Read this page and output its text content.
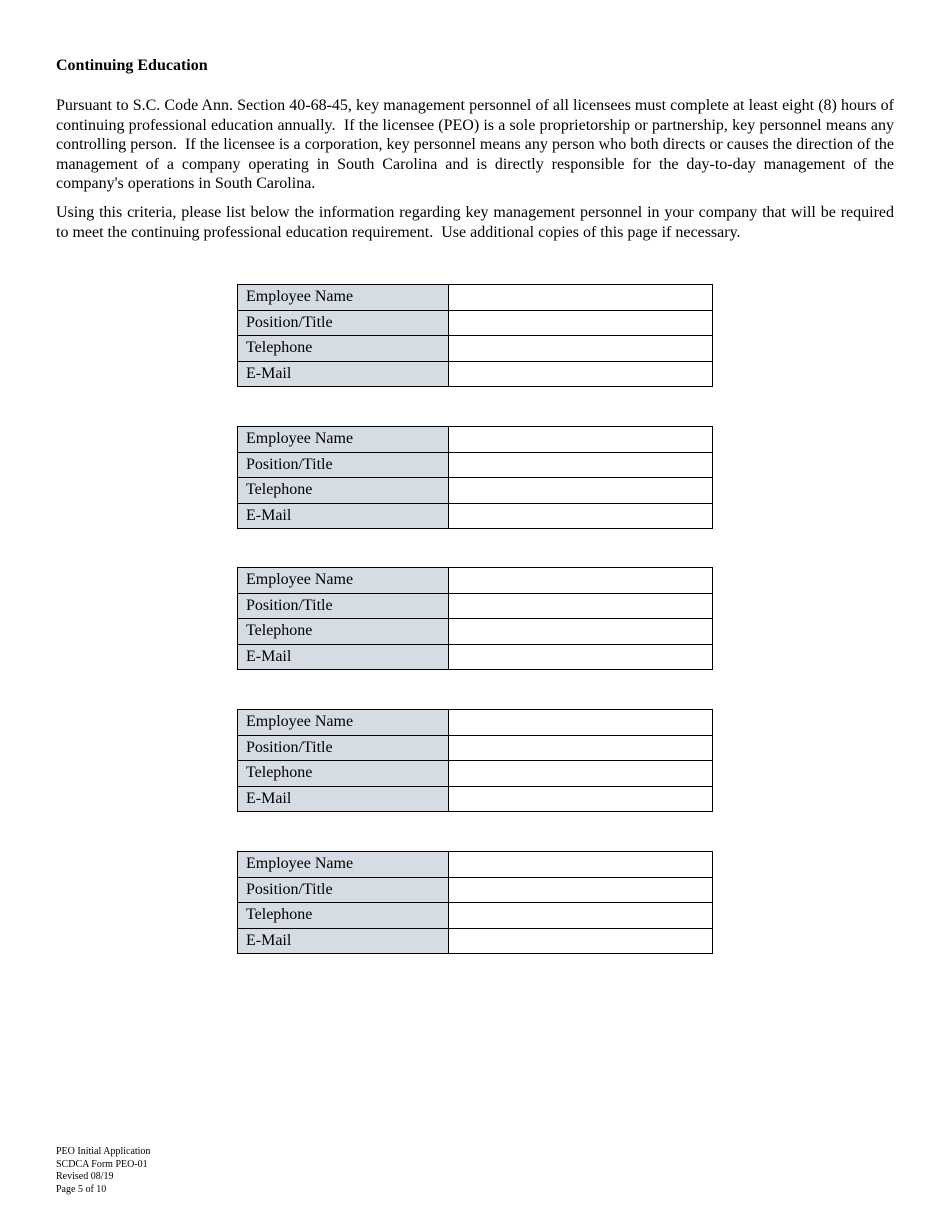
Continuing Education

Pursuant to S.C. Code Ann. Section 40-68-45, key management personnel of all licensees must complete at least eight (8) hours of continuing professional education annually.  If the licensee (PEO) is a sole proprietorship or partnership, key personnel means any controlling person.  If the licensee is a corporation, key personnel means any person who both directs or causes the direction of the management of a company operating in South Carolina and is directly responsible for the day-to-day management of the company's operations in South Carolina.

Using this criteria, please list below the information regarding key management personnel in your company that will be required to meet the continuing professional education requirement.  Use additional copies of this page if necessary.

Employee Name	
Position/Title	
Telephone	
E-Mail	
Employee Name	
Position/Title	
Telephone	
E-Mail	
Employee Name	
Position/Title	
Telephone	
E-Mail	
Employee Name	
Position/Title	
Telephone	
E-Mail	
Employee Name	
Position/Title	
Telephone	
E-Mail	
PEO Initial Application
SCDCA Form PEO-01
Revised 08/19
Page 5 of 10
